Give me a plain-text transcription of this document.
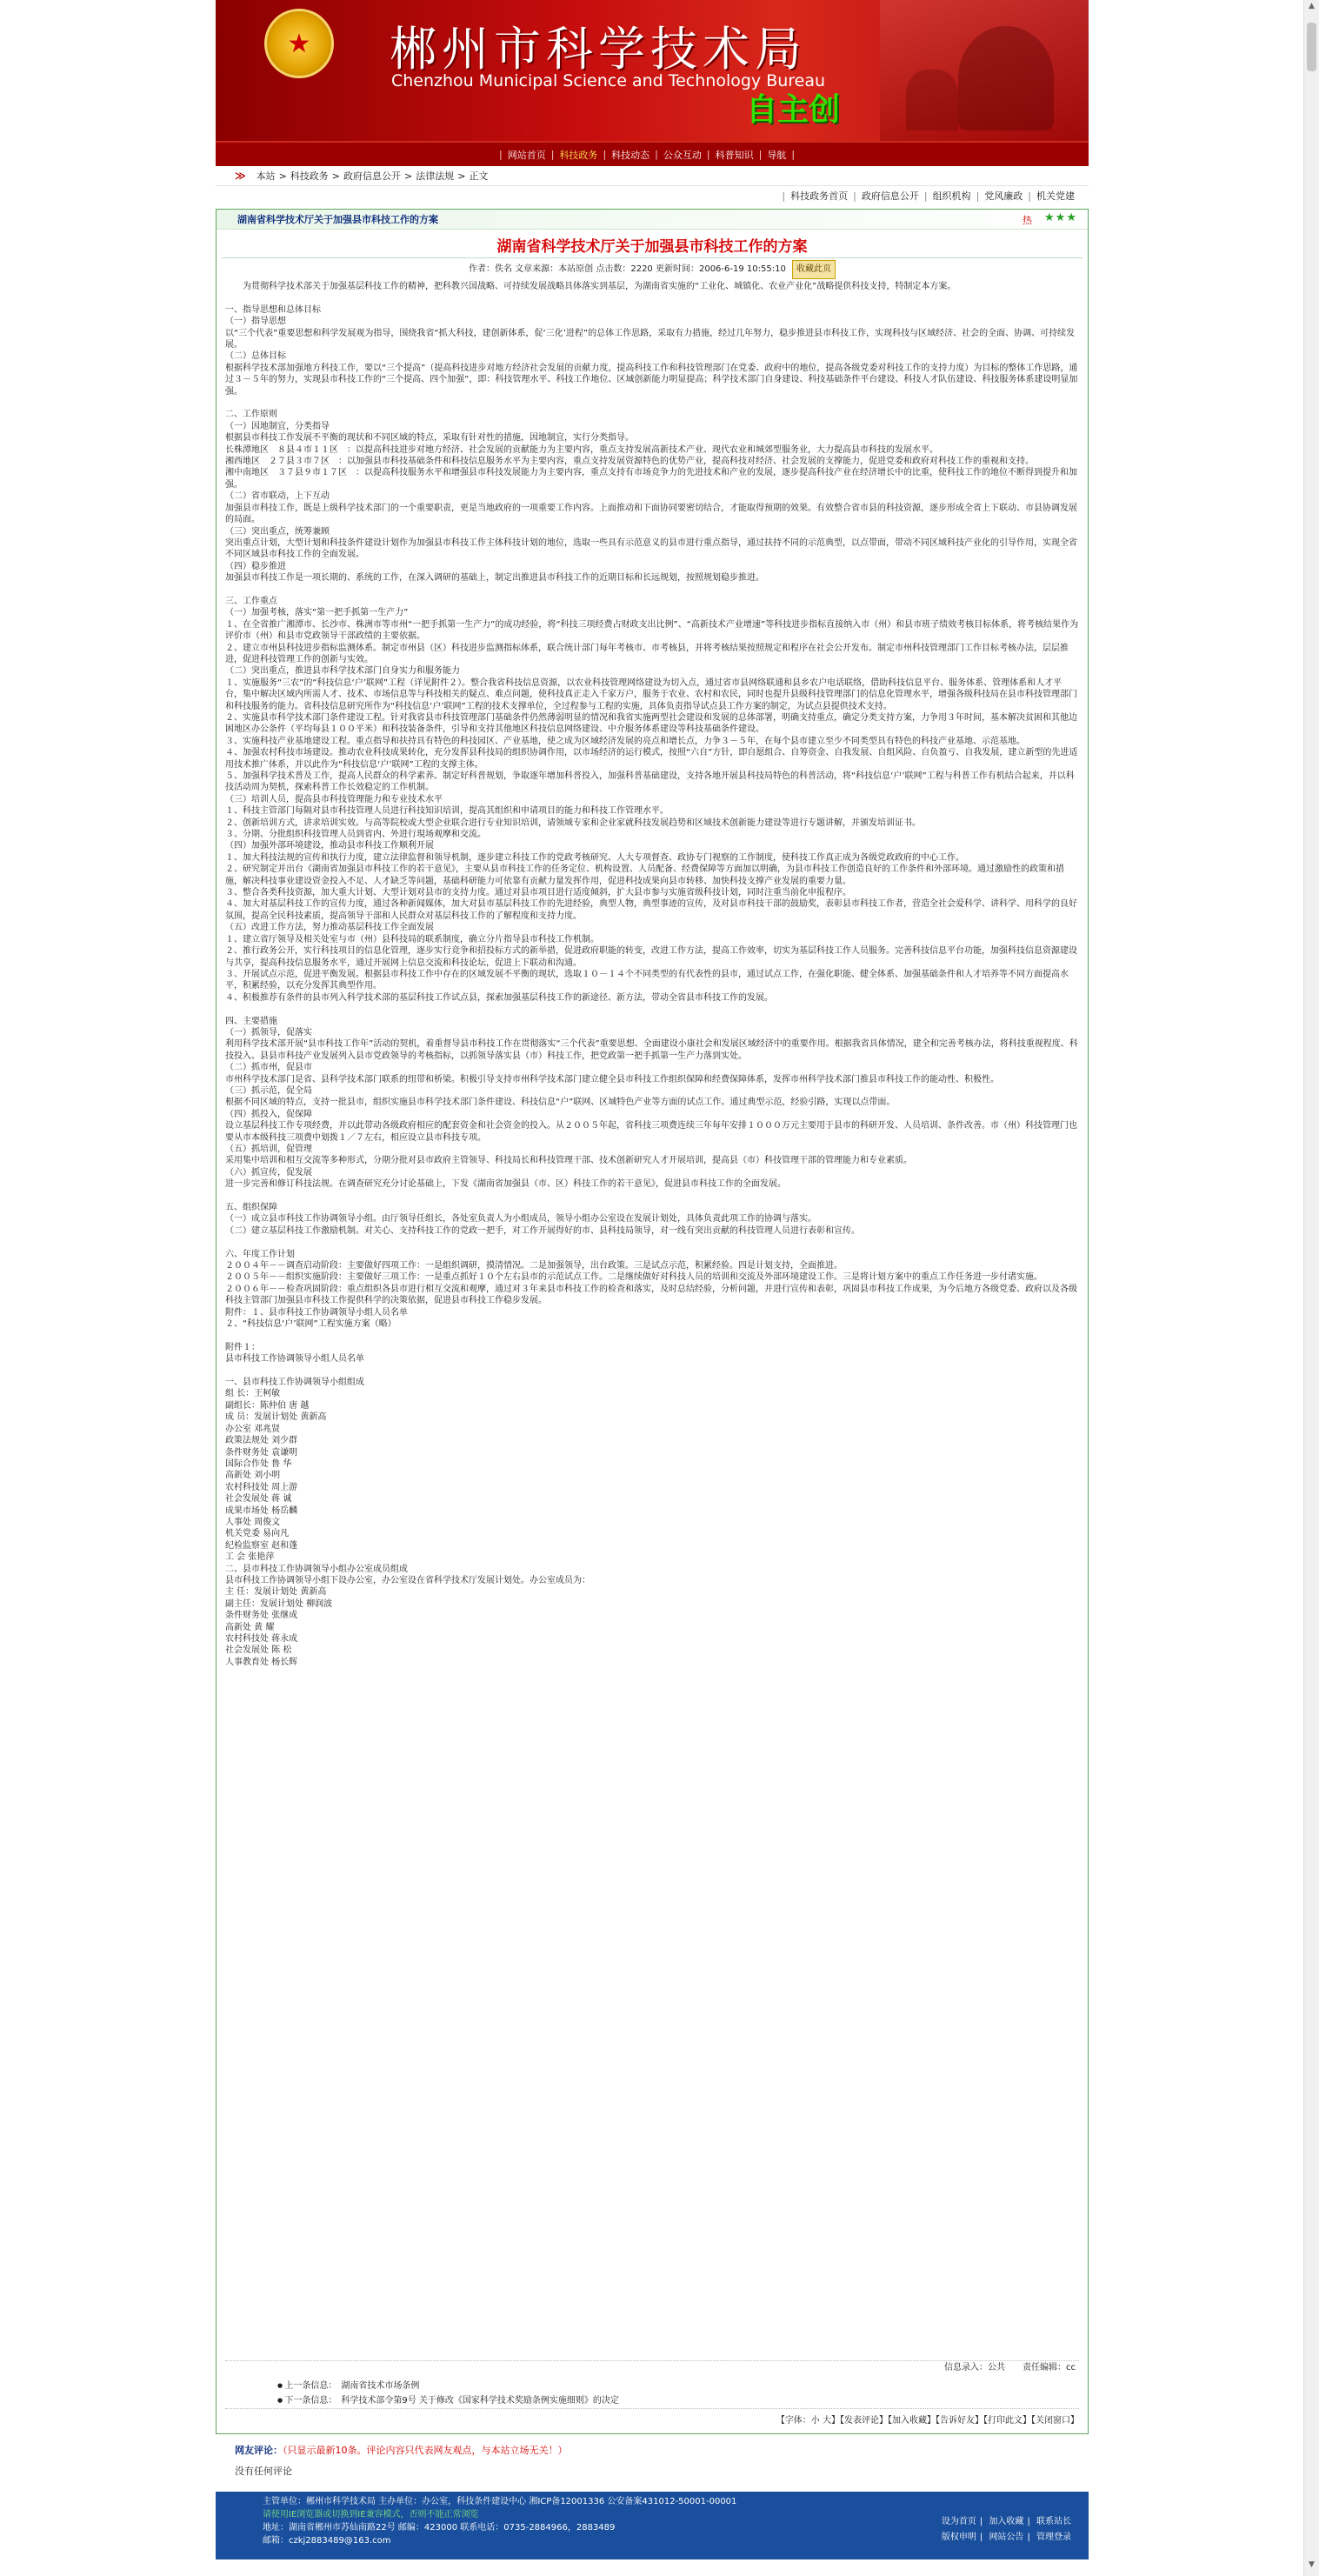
★ 郴州市科学技术局
Chenzhou Municipal Science and Technology Bureau
自主创
| 网站首页 | 科技政务 | 科技动态 | 公众互动 | 科普知识 | 导航 |
≫ 本站 > 科技政务 > 政府信息公开 > 法律法规 > 正文
| 科技政务首页 | 政府信息公开 | 组织机构 | 党风廉政 | 机关党建
湖南省科学技术厅关于加强县市科技工作的方案	热 ★★★
湖南省科学技术厅关于加强县市科技工作的方案
作者：佚名 文章来源：本站原创 点击数：2220 更新时间：2006-6-19 10:55:10 收藏此页

　　为贯彻科学技术部关于加强基层科技工作的精神，把科教兴国战略、可持续发展战略具体落实到基层，为湖南省实施的“工业化、城镇化、农业产业化”战略提供科技支持，特制定本方案。

一、指导思想和总体目标

（一）指导思想

以“三个代表”重要思想和科学发展观为指导，围绕我省“抓大科技，建创新体系，促‘三化’进程”的总体工作思路，采取有力措施，经过几年努力，稳步推进县市科技工作，实现科技与区域经济、社会的全面、协调、可持续发展。

（二）总体目标

根据科学技术部加强地方科技工作，要以“三个提高”（提高科技进步对地方经济社会发展的贡献力度，提高科技工作和科技管理部门在党委、政府中的地位，提高各级党委对科技工作的支持力度）为目标的整体工作思路，通过３－５年的努力，实现县市科技工作的“三个提高、四个加强”，即：科技管理水平、科技工作地位、区域创新能力明显提高；科学技术部门自身建设、科技基础条件平台建设、科技人才队伍建设、科技服务体系建设明显加强。

二、工作原则

（一）因地制宜，分类指导

根据县市科技工作发展不平衡的现状和不同区域的特点，采取有针对性的措施，因地制宜，实行分类指导。

长株潭地区　８县４市１１区　：以提高科技进步对地方经济、社会发展的贡献能力为主要内容，重点支持发展高新技术产业、现代农业和城郊型服务业，大力提高县市科技的发展水平。

湘西地区　２７县３市７区　：以加强县市科技基础条件和科技信息服务水平为主要内容，重点支持发展资源特色的优势产业，提高科技对经济、社会发展的支撑能力，促进党委和政府对科技工作的重视和支持。

湘中南地区　３７县９市１７区　：以提高科技服务水平和增强县市科技发展能力为主要内容，重点支持有市场竞争力的先进技术和产业的发展，逐步提高科技产业在经济增长中的比重，使科技工作的地位不断得到提升和加强。

（二）省市联动，上下互动

加强县市科技工作，既是上级科学技术部门的一个重要职责，更是当地政府的一项重要工作内容。上面推动和下面协同要密切结合，才能取得预期的效果。有效整合省市县的科技资源，逐步形成全省上下联动、市县协调发展的局面。

（三）突出重点，统筹兼顾

突出重点计划，大型计划和科技条件建设计划作为加强县市科技工作主体科技计划的地位，选取一些具有示范意义的县市进行重点指导，通过扶持不同的示范典型，以点带面，带动不同区域科技产业化的引导作用，实现全省不同区域县市科技工作的全面发展。

（四）稳步推进

加强县市科技工作是一项长期的、系统的工作，在深入调研的基础上，制定出推进县市科技工作的近期目标和长远规划，按照规划稳步推进。

三、工作重点

（一）加强考核，落实“第一把手抓第一生产力”

１、在全省推广湘潭市、长沙市、株洲市等市州“一把手抓第一生产力”的成功经验，将“科技三项经费占财政支出比例”、“高新技术产业增速”等科技进步指标直接纳入市（州）和县市班子绩效考核目标体系，将考核结果作为评价市（州）和县市党政领导干部政绩的主要依据。

２、建立市州县科技进步指标监测体系。制定市州县（区）科技进步监测指标体系，联合统计部门每年考核市、市考核县，并将考核结果按照规定和程序在社会公开发布。制定市州科技管理部门工作目标考核办法，层层推进，促进科技管理工作的创新与实效。

（二）突出重点，推进县市科学技术部门自身实力和服务能力

１、实施服务“三农”的“科技信息‘户’联网”工程（详见附件２）。整合我省科技信息资源，以农业科技管理网络建设为切入点，通过省市县网络联通和县乡农户电话联络，借助科技信息平台、服务体系、管理体系和人才平台，集中解决区域内所需人才、技术、市场信息等与科技相关的疑点、难点问题，使科技真正走入千家万户，服务于农业、农村和农民，同时也提升县级科技管理部门的信息化管理水平，增强各级科技局在县市科技管理部门和科技服务的能力。省科技信息研究所作为“科技信息‘户’联网”工程的技术支撑单位，全过程参与工程的实施，具体负责指导试点县工作方案的制定，为试点县提供技术支持。

２、实施县市科学技术部门条件建设工程。针对我省县市科技管理部门基础条件仍然薄弱明显的情况和我省实施两型社会建设和发展的总体部署，明确支持重点，确定分类支持方案，力争用３年时间，基本解决贫困和其他边困地区办公条件（平均每县１００平米）和科技装备条件，引导和支持其他地区科技信息网络建设、中介服务体系建设等科技基础条件建设。

３、实施科技产业基地建设工程。重点指导和扶持具有特色的科技园区、产业基地，使之成为区域经济发展的亮点和增长点，力争３－５年，在每个县市建立至少不同类型具有特色的科技产业基地、示范基地。

４、加强农村科技市场建设。推动农业科技成果转化，充分发挥县科技局的组织协调作用，以市场经济的运行模式，按照“六自”方针，即自愿组合、自筹资金、自我发展、自组风险、自负盈亏、自我发展，建立新型的先进适用技术推广体系，并以此作为“科技信息‘户’联网”工程的支撑主体。

５、加强科学技术普及工作，提高人民群众的科学素养。制定好科普规划，争取逐年增加科普投入，加强科普基础建设，支持各地开展县科技局特色的科普活动，将“科技信息‘户’联网”工程与科普工作有机结合起来，并以科技活动周为契机，探索科普工作长效稳定的工作机制。

（三）培训人员，提高县市科技管理能力和专业技术水平

１、科技主管部门每隔对县市科技管理人员进行科技知识培训，提高其组织和申请项目的能力和科技工作管理水平。

２、创新培训方式，讲求培训实效。与高等院校或大型企业联合进行专业知识培训，请领域专家和企业家就科技发展趋势和区域技术创新能力建设等进行专题讲解，并颁发培训证书。

３、分期、分批组织科技管理人员到省内、外进行現场观摩和交流。

（四）加强外部环境建设，推动县市科技工作顺利开展

１、加大科技法规的宣传和执行力度，建立法律监督和领导机制，逐步建立科技工作的党政考核研究、人大专项督查、政协专门视察的工作制度，使科技工作真正成为各级党政政府的中心工作。

２、研究制定并出台《湖南省加强县市科技工作的若干意见》，主要从县市科技工作的任务定位、机构设置、人员配备、经费保障等方面加以明确，为县市科技工作创造良好的工作条件和外部环境。通过激励性的政策和措施，解决科技事业建设资金投入不足、人才缺乏等问题，基础科研能力可依靠有贡献力量发挥作用，促进科技成果向县市转移、加快科技支撑产业发展的重要力量。

３、整合各类科技资源，加大重大计划、大型计划对县市的支持力度。通过对县市项目进行适度倾斜，扩大县市参与实施省级科技计划，同时注重当前化申报程序。

４、加大对基层科技工作的宣传力度，通过各种新闻媒体，加大对县市基层科技工作的先进经验，典型人物，典型事迹的宣传，及对县市科技干部的鼓励奖，表彰县市科技工作者，营造全社会爱科学、讲科学、用科学的良好氛围，提高全民科技素质，提高领导干部和人民群众对基层科技工作的了解程度和支持力度。

（五）改进工作方法，努力推动基层科技工作全面发展

１、建立省厅领导及相关处室与市（州）县科技局的联系制度，确立分片指导县市科技工作机制。

２、推行政务公开，实行科技项目的信息化管理，逐步实行竞争和招投标方式的新举措，促进政府职能的转变，改进工作方法，提高工作效率，切实为基层科技工作人员服务。完善科技信息平台功能，加强科技信息资源建设与共享，提高科技信息服务水平，通过开展网上信息交流和科技论坛，促进上下联动和沟通。

３、开展试点示范，促进平衡发展。根据县市科技工作中存在的区域发展不平衡的现状，选取１０－１４个不同类型的有代表性的县市，通过试点工作，在强化职能、健全体系、加强基础条件和人才培养等不同方面提高水平，积累经验，以充分发挥其典型作用。

４、积极推荐有条件的县市列入科学技术部的基层科技工作试点县，探索加强基层科技工作的新途径、新方法，带动全省县市科技工作的发展。

四、主要措施

（一）抓领导，促落实

利用科学技术部开展“县市科技工作年”活动的契机，着重督导县市科技工作在贯彻落实“三个代表”重要思想、全面建设小康社会和发展区域经济中的重要作用。根据我省具体情况，建全和完善考核办法，将科技重视程度、科技投入、县县市科技产业发展列入县市党政领导的考核指标，以抓领导落实县（市）科技工作，把党政第一把手抓第一生产力落到实处。

（二）抓市州，促县市

市州科学技术部门是省、县科学技术部门联系的纽带和桥梁。积极引导支持市州科学技术部门建立健全县市科技工作组织保障和经费保障体系，发挥市州科学技术部门推县市科技工作的能动性、积极性。

（三）抓示范，促全局

根据不同区域的特点，支持一批县市，组织实施县市科学技术部门条件建设、科技信息“户”联网、区域特色产业等方面的试点工作。通过典型示范，经验引路，实现以点带面。

（四）抓投入，促保障

设立基层科技工作专项经费，并以此带动各级政府相应的配套资金和社会资金的投入。从２００５年起，省科技三项费连续三年每年安排１０００万元主要用于县市的科研开发、人员培训、条件改善。市（州）科技管理门也要从市本级科技三项费中划拨１／７左右，相应设立县市科技专项。

（五）抓培训，促管理

采用集中培训和相互交流等多种形式，分期分批对县市政府主管领导、科技局长和科技管理干部、技术创新研究人才开展培训，提高县（市）科技管理干部的管理能力和专业素质。

（六）抓宣传，促发展

进一步完善和修订科技法规。在调查研究充分讨论基础上，下发《湖南省加强县（市、区）科技工作的若干意见》，促进县市科技工作的全面发展。

五、组织保障

（一）成立县市科技工作协调领导小组。由厅领导任组长，各处室负责人为小组成员，领导小组办公室设在发展计划处，具体负责此项工作的协调与落实。

（二）建立基层科技工作激励机制。对关心、支持科技工作的党政一把手，对工作开展得好的市、县科技局领导，对一线有突出贡献的科技管理人员进行表彰和宣传。

六、年度工作计划

２００４年－－调查启动阶段：主要做好四项工作：一是组织调研，摸清情况。二是加强领导，出台政策。三是试点示范，积累经验。四是计划支持，全面推进。

２００５年－－组织实施阶段：主要做好三项工作：一是重点抓好１０个左右县市的示范试点工作。二是继续做好对科技人员的培训和交流及外部环境建设工作。三是将计划方案中的重点工作任务进一步付诸实施。

２００６年－－检查巩固阶段：重点组织各县市进行相互交流和观摩，通过对３年来县市科技工作的检查和落实，及时总结经验，分析问题，并进行宣传和表彰，巩固县市科技工作成果，为今后地方各级党委、政府以及各级科技主管部门加强县市科技工作提供科学的决策依据，促进县市科技工作稳步发展。

附件：１、县市科技工作协调领导小组人员名单

２、“科技信息‘户’联网”工程实施方案（略）

附件１：

县市科技工作协调领导小组人员名单

一、县市科技工作协调领导小组组成

组 长：王柯敏

副组长：陈仲伯 唐 越

成 员：发展计划处 黄新高

办公室 邓兆贤

政策法规处 刘少群

条件财务处 袁谦明

国际合作处 鲁 华

高新处 刘小明

农村科技处 周上游

社会发展处 蒋 诚

成果市场处 杨岳麟

人事处 周俊文

机关党委 易向凡

纪检监察室 赵和蓬

工 会 张艳萍

二、县市科技工作协调领导小组办公室成员组成

县市科技工作协调领导小组下设办公室，办公室设在省科学技术厅发展计划处。办公室成员为：

主 任：发展计划处 黄新高

副主任：发展计划处 柳润波

条件财务处 张继成

高新处 黄 耀

农村科技处 蒋永成

社会发展处 陈 松

人事教育处 杨长辉

信息录入：公共　　责任编辑：cc
● 上一条信息：　湖南省技术市场条例
● 下一条信息：　科学技术部令第9号 关于修改《国家科学技术奖励条例实施细则》的决定
【字体：小 大】【发表评论】【加入收藏】【告诉好友】【打印此文】【关闭窗口】
网友评论：（只显示最新10条。评论内容只代表网友观点，与本站立场无关！）
没有任何评论
主管单位：郴州市科学技术局 主办单位：办公室，科技条件建设中心 湘ICP备12001336 公安备案431012-50001-00001
请使用IE浏览器或切换到IE兼容模式，否则不能正常浏览
地址：湖南省郴州市苏仙南路22号 邮编：423000 联系电话：0735-2884966，2883489
邮箱：czkj2883489@163.com
设为首页 | 加入收藏 | 联系站长
版权申明 | 网站公告 | 管理登录
▲
▼
